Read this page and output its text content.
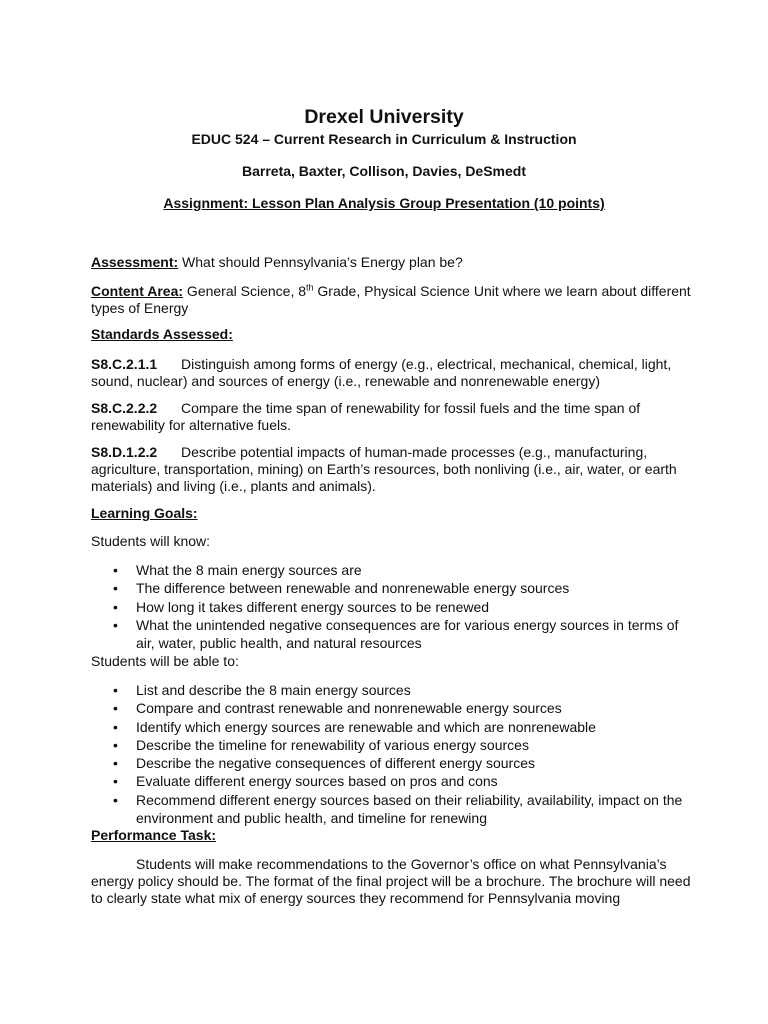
Drexel University
EDUC 524 – Current Research in Curriculum & Instruction
Barreta, Baxter, Collison, Davies, DeSmedt
Assignment: Lesson Plan Analysis Group Presentation (10 points)
Assessment: What should Pennsylvania’s Energy plan be?
Content Area: General Science, 8th Grade, Physical Science Unit where we learn about different types of Energy
Standards Assessed:
S8.C.2.1.1 Distinguish among forms of energy (e.g., electrical, mechanical, chemical, light, sound, nuclear) and sources of energy (i.e., renewable and nonrenewable energy)
S8.C.2.2.2 Compare the time span of renewability for fossil fuels and the time span of renewability for alternative fuels.
S8.D.1.2.2 Describe potential impacts of human-made processes (e.g., manufacturing, agriculture, transportation, mining) on Earth’s resources, both nonliving (i.e., air, water, or earth materials) and living (i.e., plants and animals).
Learning Goals:
Students will know:
• What the 8 main energy sources are
• The difference between renewable and nonrenewable energy sources
• How long it takes different energy sources to be renewed
• What the unintended negative consequences are for various energy sources in terms of air, water, public health, and natural resources
Students will be able to:
• List and describe the 8 main energy sources
• Compare and contrast renewable and nonrenewable energy sources
• Identify which energy sources are renewable and which are nonrenewable
• Describe the timeline for renewability of various energy sources
• Describe the negative consequences of different energy sources
• Evaluate different energy sources based on pros and cons
• Recommend different energy sources based on their reliability, availability, impact on the environment and public health, and timeline for renewing
Performance Task:
Students will make recommendations to the Governor’s office on what Pennsylvania’s energy policy should be. The format of the final project will be a brochure. The brochure will need to clearly state what mix of energy sources they recommend for Pennsylvania moving
